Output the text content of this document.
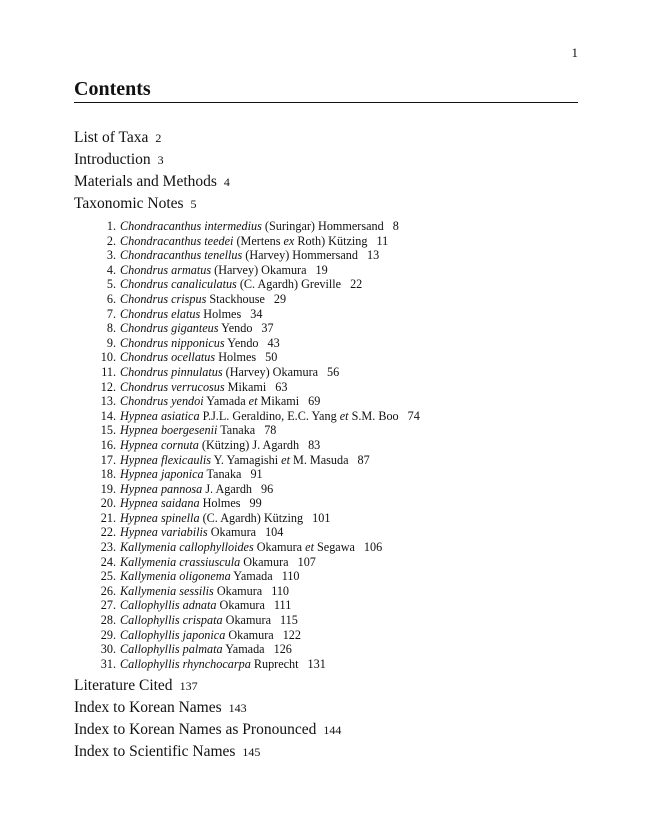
1
Contents
List of Taxa 2
Introduction 3
Materials and Methods 4
Taxonomic Notes 5
1. Chondracanthus intermedius (Suringar) Hommersand 8
2. Chondracanthus teedei (Mertens ex Roth) Kützing 11
3. Chondracanthus tenellus (Harvey) Hommersand 13
4. Chondrus armatus (Harvey) Okamura 19
5. Chondrus canaliculatus (C. Agardh) Greville 22
6. Chondrus crispus Stackhouse 29
7. Chondrus elatus Holmes 34
8. Chondrus giganteus Yendo 37
9. Chondrus nipponicus Yendo 43
10. Chondrus ocellatus Holmes 50
11. Chondrus pinnulatus (Harvey) Okamura 56
12. Chondrus verrucosus Mikami 63
13. Chondrus yendoi Yamada et Mikami 69
14. Hypnea asiatica P.J.L. Geraldino, E.C. Yang et S.M. Boo 74
15. Hypnea boergesenii Tanaka 78
16. Hypnea cornuta (Kützing) J. Agardh 83
17. Hypnea flexicaulis Y. Yamagishi et M. Masuda 87
18. Hypnea japonica Tanaka 91
19. Hypnea pannosa J. Agardh 96
20. Hypnea saidana Holmes 99
21. Hypnea spinella (C. Agardh) Kützing 101
22. Hypnea variabilis Okamura 104
23. Kallymenia callophylloides Okamura et Segawa 106
24. Kallymenia crassiuscula Okamura 107
25. Kallymenia oligonema Yamada 110
26. Kallymenia sessilis Okamura 110
27. Callophyllis adnata Okamura 111
28. Callophyllis crispata Okamura 115
29. Callophyllis japonica Okamura 122
30. Callophyllis palmata Yamada 126
31. Callophyllis rhynchocarpa Ruprecht 131
Literature Cited 137
Index to Korean Names 143
Index to Korean Names as Pronounced 144
Index to Scientific Names 145
